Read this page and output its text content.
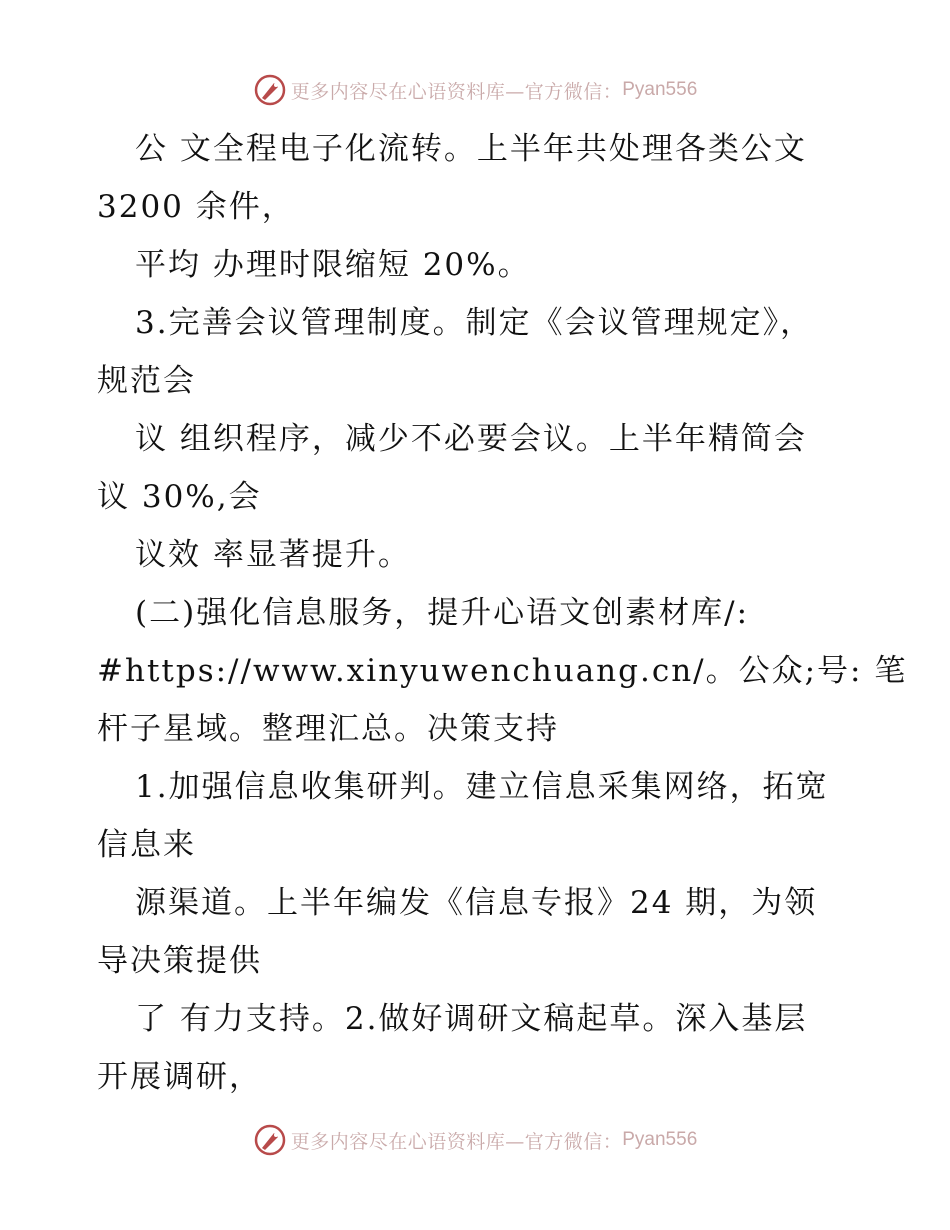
更多内容尽在心语资料库—官方微信： Pyan556
公 文全程电子化流转。上半年共处理各类公文
3200 余件，
平均 办理时限缩短 20%。
3.完善会议管理制度。制定《会议管理规定》，
规范会
议 组织程序，减少不必要会议。上半年精简会
议 30%,会
议效 率显著提升。
(二)强化信息服务，提升心语文创素材库/:
#https://www.xinyuwenchuang.cn/。公众;号: 笔
杆子星域。整理汇总。决策支持
1.加强信息收集研判。建立信息采集网络，拓宽
信息来
源渠道。上半年编发《信息专报》24 期，为领
导决策提供
了 有力支持。2.做好调研文稿起草。深入基层
开展调研，
更多内容尽在心语资料库—官方微信： Pyan556
